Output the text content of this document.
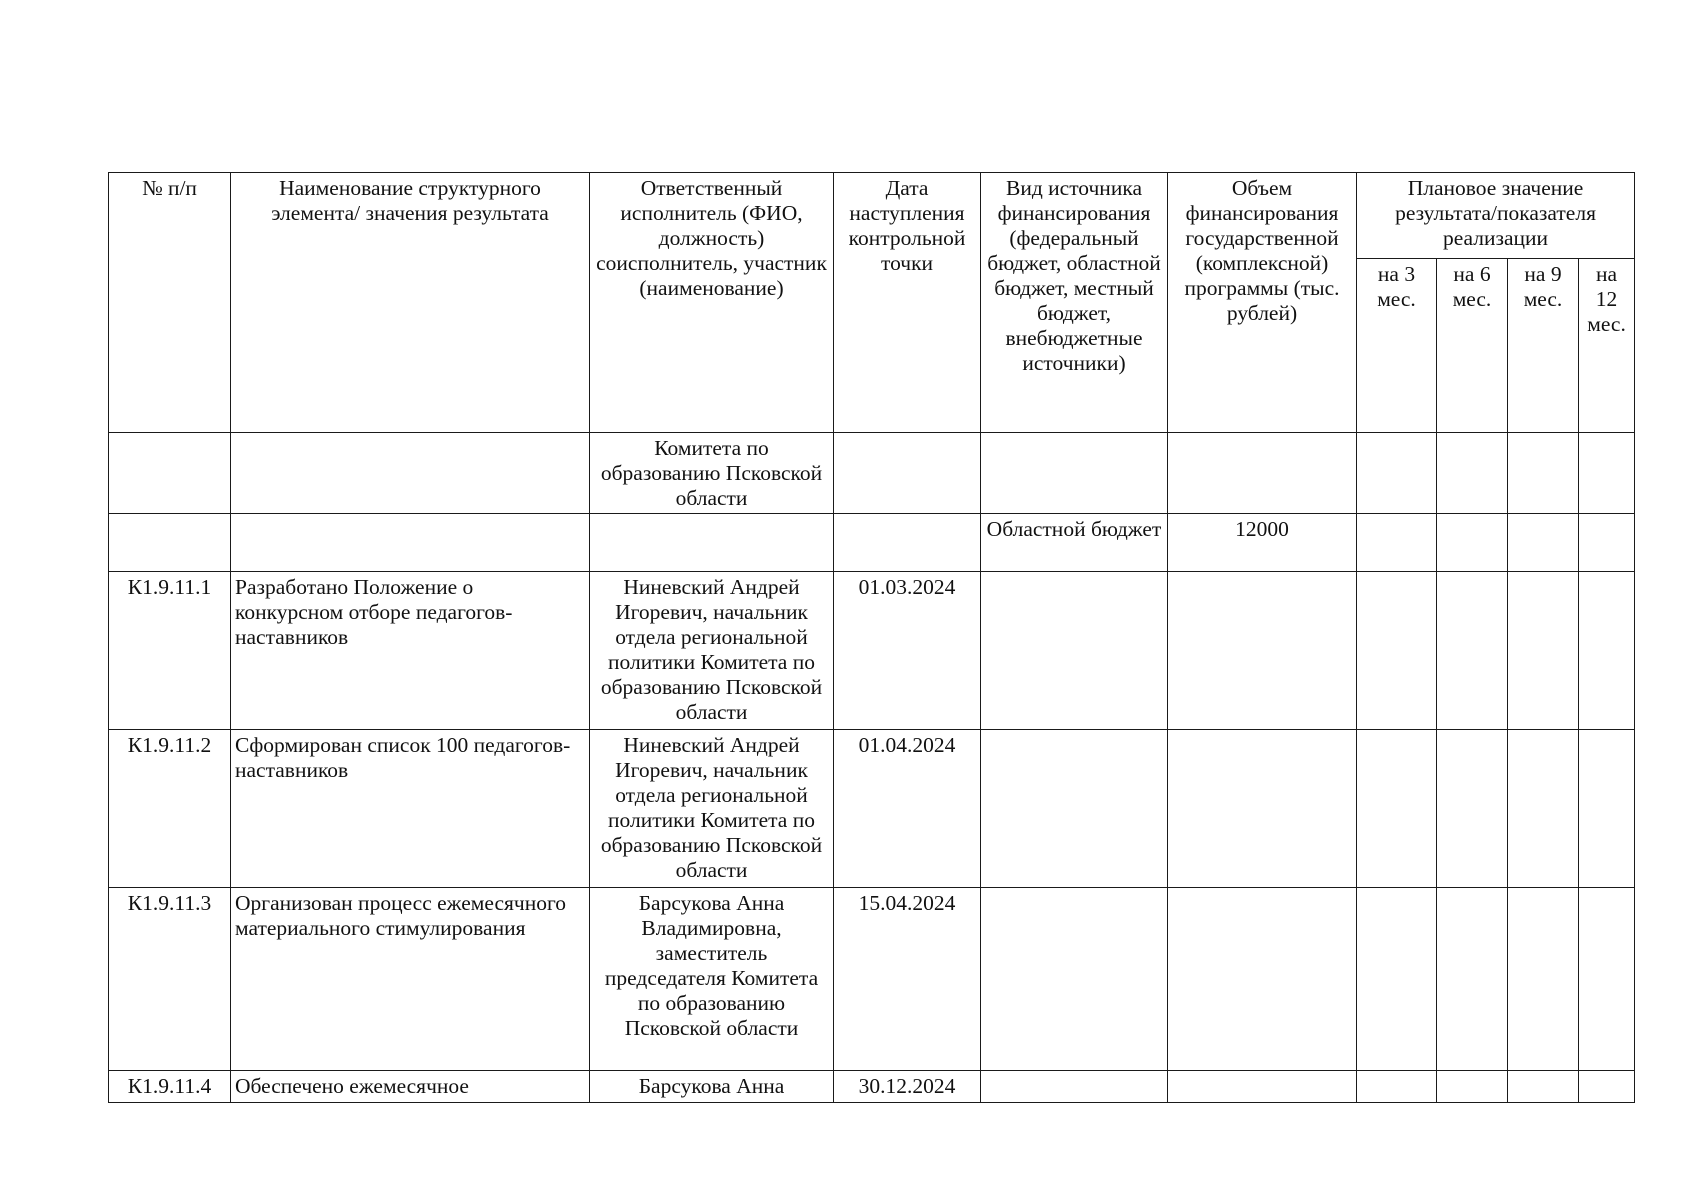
№ п/п	Наименование структурного элемента/ значения результата	Ответственный исполнитель (ФИО, должность) соисполнитель, участник (наименование)	Дата наступления контрольной точки	Вид источника финансирования (федеральный бюджет, областной бюджет, местный бюджет, внебюджетные источники)	Объем финансирования государственной (комплексной) программы (тыс. рублей)	Плановое значение результата/показателя реализации			
						на 3 мес.	на 6 мес.	на 9 мес.	на 12 мес.
		Комитета по образованию Псковской области							
				Областной бюджет	12000				
К1.9.11.1	Разработано Положение о конкурсном отборе педагогов-наставников	Ниневский Андрей Игоревич, начальник отдела региональной политики Комитета по образованию Псковской области	01.03.2024						
К1.9.11.2	Сформирован список 100 педагогов-наставников	Ниневский Андрей Игоревич, начальник отдела региональной политики Комитета по образованию Псковской области	01.04.2024						
К1.9.11.3	Организован процесс ежемесячного материального стимулирования	Барсукова Анна Владимировна, заместитель председателя Комитета по образованию Псковской области	15.04.2024						
К1.9.11.4	Обеспечено ежемесячное	Барсукова Анна	30.12.2024						
